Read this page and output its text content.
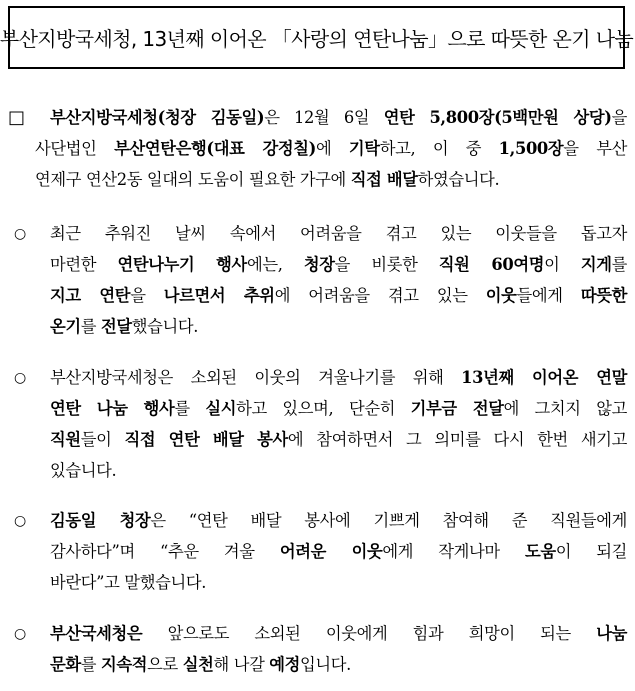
부산지방국세청, 13년째 이어온 「사랑의 연탄나눔」으로 따뜻한 온기 나눔
□ 부산지방국세청(청장 김동일)은 12월 6일 연탄 5,800장(5백만원 상당)을
사단법인 부산연탄은행(대표 강정칠)에 기탁하고, 이 중 1,500장을 부산
연제구 연산2동 일대의 도움이 필요한 가구에 직접 배달하였습니다.
○ 최근 추워진 날씨 속에서 어려움을 겪고 있는 이웃들을 돕고자
마련한 연탄나누기 행사에는, 청장을 비롯한 직원 60여명이 지게를
지고 연탄을 나르면서 추위에 어려움을 겪고 있는 이웃들에게 따뜻한
온기를 전달했습니다.
○ 부산지방국세청은 소외된 이웃의 겨울나기를 위해 13년째 이어온 연말
연탄 나눔 행사를 실시하고 있으며, 단순히 기부금 전달에 그치지 않고
직원들이 직접 연탄 배달 봉사에 참여하면서 그 의미를 다시 한번 새기고
있습니다.
○ 김동일 청장은 “연탄 배달 봉사에 기쁘게 참여해 준 직원들에게
감사하다”며 “추운 겨울 어려운 이웃에게 작게나마 도움이 되길
바란다”고 말했습니다.
○ 부산국세청은 앞으로도 소외된 이웃에게 힘과 희망이 되는 나눔
문화를 지속적으로 실천해 나갈 예정입니다.
